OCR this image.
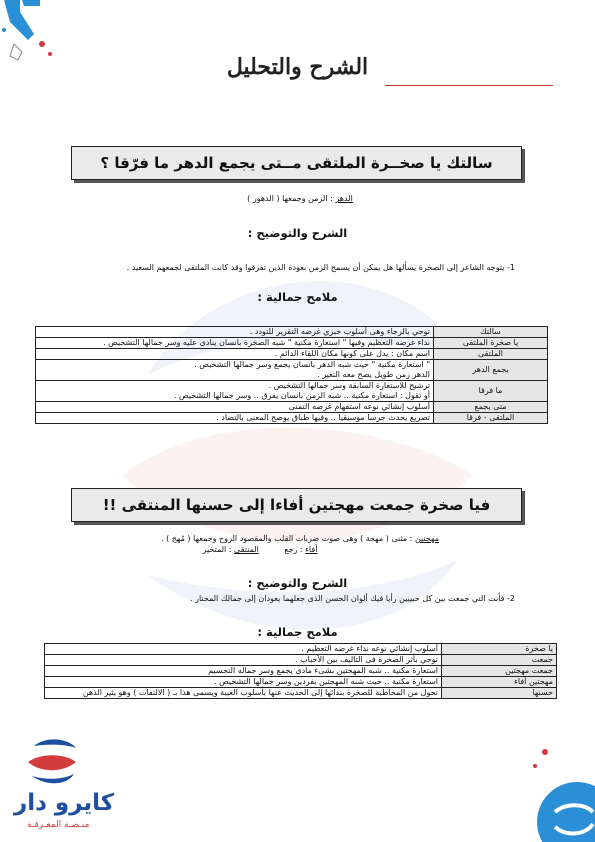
الشرح والتحليل
سالتك يا صخــرة الملتقى مــتى يجمع الدهر ما فرّقا ؟
الدهر : الزمن وجمعها ( الدهور )
الشرح والتوضيح :
1- يتوجه الشاعر إلى الصخرة يسألها هل يمكن أن يسمح الزمن بعودة الذين تفرقوا وقد كانت الملتقى لجمعهم السعيد .
ملامح جمالية :
سالتك	توحي بالرجاء وهى أسلوب خبري غرضه التقرير للتودد .
يا صخرة الملتقى	نداء غرضه التعظيم وفيها " استعارة مكنية " شبه الصخرة بانسان ينادى عليه وسر جمالها التشخيص .
الملتقى	اسم مكان : يدل على كونها مكان اللقاء الدائم .
يجمع الدهر	" استعارة مكنية " حيث شبه الدهر بانسان يجمع وسر جمالها التشخيص .
الدهر زمن طويل يصح معه التغير .
ما فرقا	ترشيح للاستعارة السابقة وسر جمالها التشخيص .
أو تقول : استعارة مكنية .. شبه الزمن بانسان يفرق .. وسر جمالها التشخيص .
متى يجمع	أسلوب إنشائي نوعه استفهام غرضه التمنى
الملتقى - فرقا	تصريع يحدث جرسا موسيقيا .. وفيها طباق يوضح المعنى بالتضاد .
فيا صخرة جمعت مهجتين أفاءا إلى حسنها المنتقى !!
مهجتين : مثنى ( مهجة ) وهى صوت ضربات القلب والمقصود الروح وجمعها ( مُهج ) .
أفاء : رجع          المنتقى : المتخير
الشرح والتوضيح :
2- فأنت التي جمعت بين كل حبيبين رأيا فيك ألوان الحسن الذى جعلهما يعودان إلى جمالك المختار .
ملامح جمالية :
يا صخرة	أسلوب إنشائي نوعه نداء غرضه التعظيم .
جمعت	توحي بأثر الصخرة فى التاليف بين الأحباب .
جمعت مهجتين	استعارة مكنية .. شبه المهجتين بشىء مادى يجمع وسر جماله التجسيم
مهجتين أفاء	استعارة مكنية .. حيث شبه المهجتين بفردين وسر جمالها التشخيص .
حسنها	تحول من المخاطبة للصخرة بندائها إلى الحديث عنها بأسلوب الغيبة ويسمى هذا بـ ( الالتفات ) وهو يثير الذهن
كايرو دار
منـصـة المعـرفـة
